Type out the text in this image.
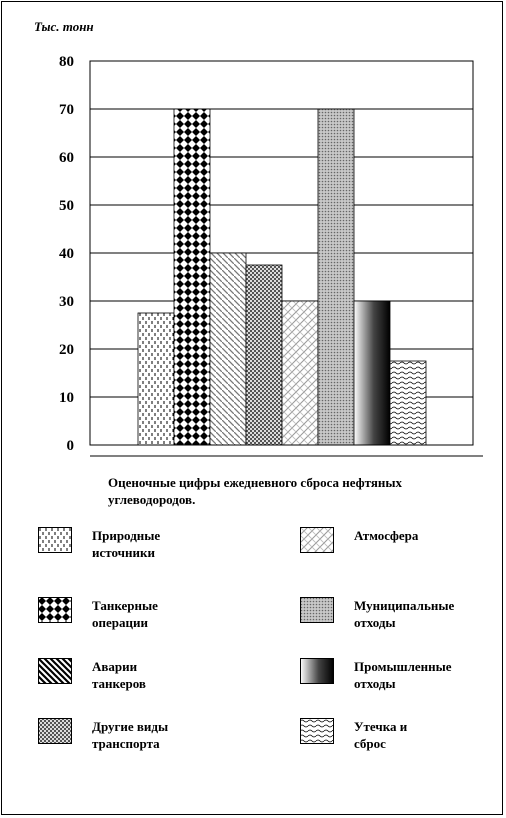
Тыс. тонн
0
10
20
30
40
50
60
70
80
Оценочные цифры ежедневного сброса нефтяных углеводородов.
Природные
источники
Танкерные
операции
Аварии
танкеров
Другие виды
транспорта
Атмосфера
Муниципальные
отходы
Промышленные
отходы
Утечка и
сброс
